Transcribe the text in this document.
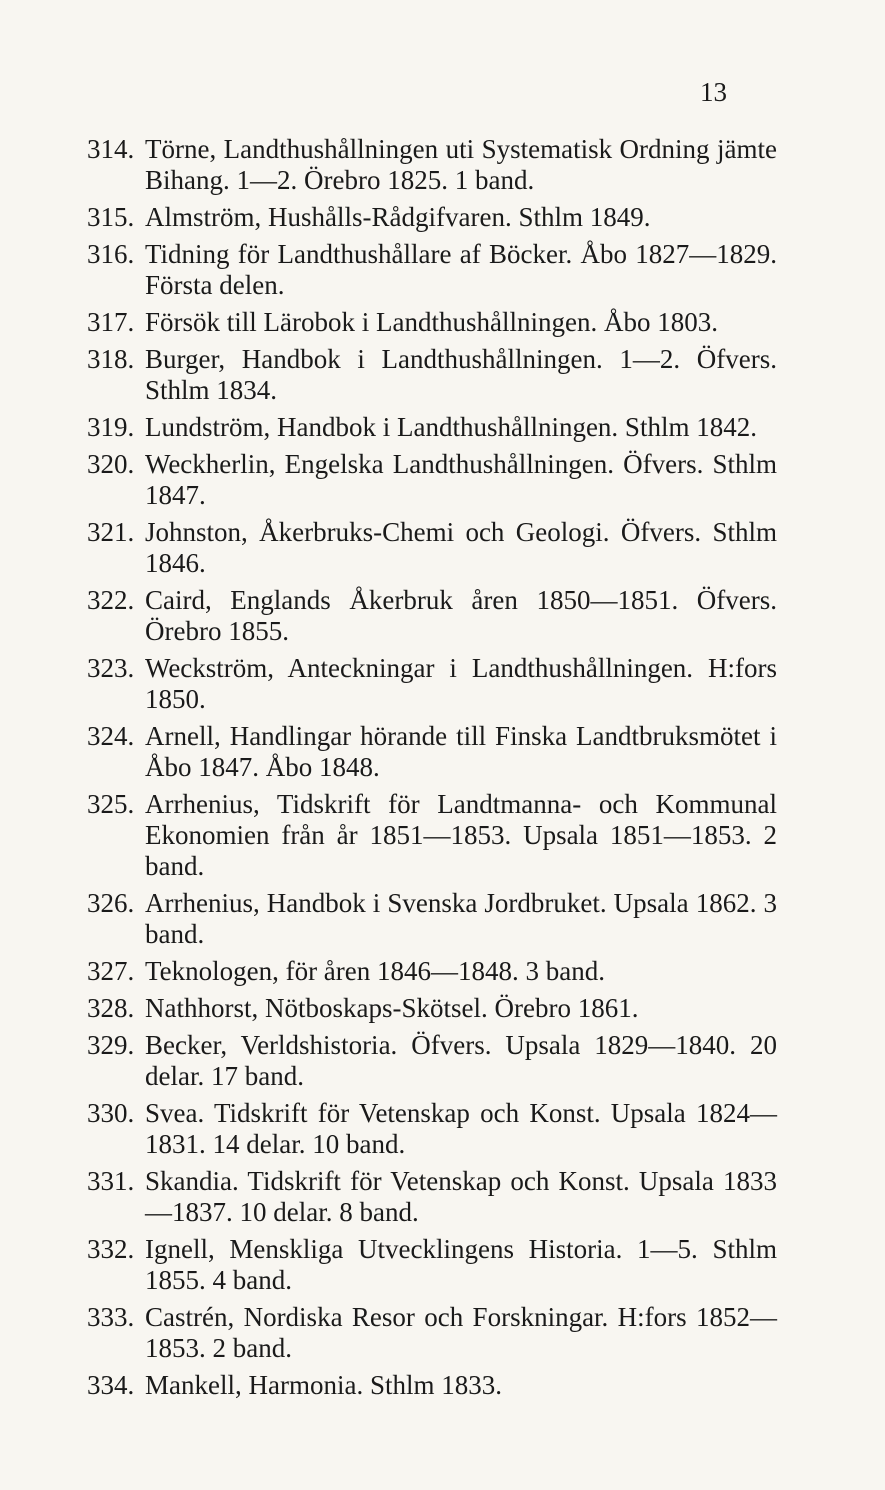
13
314. Törne, Landthushållningen uti Systematisk Ordning jämte Bihang. 1—2. Örebro 1825. 1 band.
315. Almström, Hushålls-Rådgifvaren. Sthlm 1849.
316. Tidning för Landthushållare af Böcker. Åbo 1827—1829. Första delen.
317. Försök till Lärobok i Landthushållningen. Åbo 1803.
318. Burger, Handbok i Landthushållningen. 1—2. Öfvers. Sthlm 1834.
319. Lundström, Handbok i Landthushållningen. Sthlm 1842.
320. Weckherlin, Engelska Landthushållningen. Öfvers. Sthlm 1847.
321. Johnston, Åkerbruks-Chemi och Geologi. Öfvers. Sthlm 1846.
322. Caird, Englands Åkerbruk åren 1850—1851. Öfvers. Örebro 1855.
323. Weckström, Anteckningar i Landthushållningen. H:fors 1850.
324. Arnell, Handlingar hörande till Finska Landtbruksmötet i Åbo 1847. Åbo 1848.
325. Arrhenius, Tidskrift för Landtmanna- och Kommunal Ekonomien från år 1851—1853. Upsala 1851—1853. 2 band.
326. Arrhenius, Handbok i Svenska Jordbruket. Upsala 1862. 3 band.
327. Teknologen, för åren 1846—1848. 3 band.
328. Nathhorst, Nötboskaps-Skötsel. Örebro 1861.
329. Becker, Verldshistoria. Öfvers. Upsala 1829—1840. 20 delar. 17 band.
330. Svea. Tidskrift för Vetenskap och Konst. Upsala 1824—1831. 14 delar. 10 band.
331. Skandia. Tidskrift för Vetenskap och Konst. Upsala 1833—1837. 10 delar. 8 band.
332. Ignell, Menskliga Utvecklingens Historia. 1—5. Sthlm 1855. 4 band.
333. Castrén, Nordiska Resor och Forskningar. H:fors 1852—1853. 2 band.
334. Mankell, Harmonia. Sthlm 1833.
